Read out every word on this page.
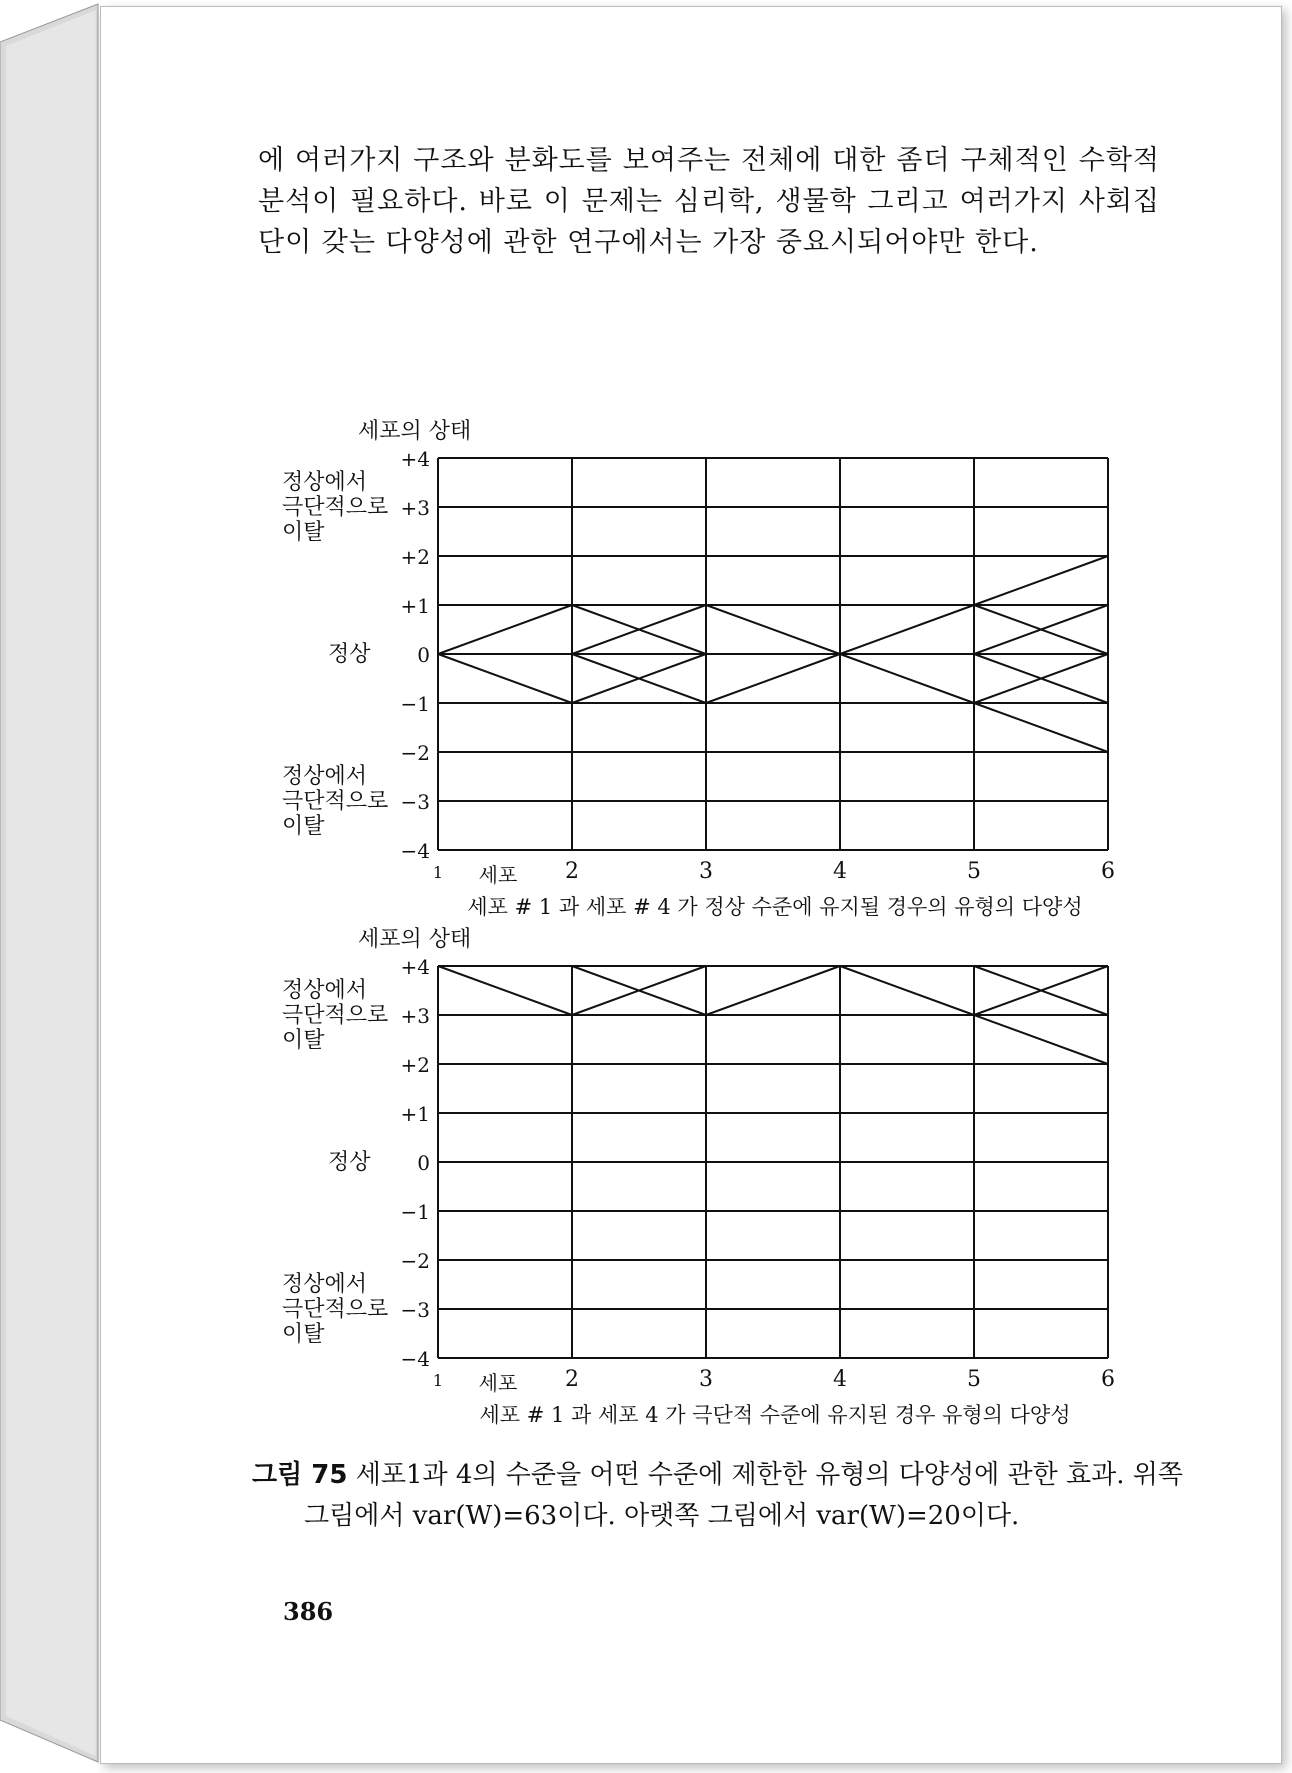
에 여러가지 구조와 분화도를 보여주는 전체에 대한 좀더 구체적인 수학적 분석이 필요하다. 바로 이 문제는 심리학, 생물학 그리고 여러가지 사회집단이 갖는 다양성에 관한 연구에서는 가장 중요시되어야만 한다.

세포의 상태
+4
+3
+2
+1
0
−1
−2
−3
−4
1	2	3	4	5	6
세포
정상에서
극단적으로
이탈
정상
정상에서
극단적으로
이탈
세포 # 1 과 세포 # 4 가 정상 수준에 유지될 경우의 유형의 다양성
세포의 상태
+4
+3
+2
+1
0
−1
−2
−3
−4
1	2	3	4	5	6
세포
정상에서
극단적으로
이탈
정상
정상에서
극단적으로
이탈
세포 # 1 과 세포 4 가 극단적 수준에 유지된 경우 유형의 다양성
그림 75 세포1과 4의 수준을 어떤 수준에 제한한 유형의 다양성에 관한 효과. 위쪽 그림에서 var(W)=63이다. 아랫쪽 그림에서 var(W)=20이다.
386
